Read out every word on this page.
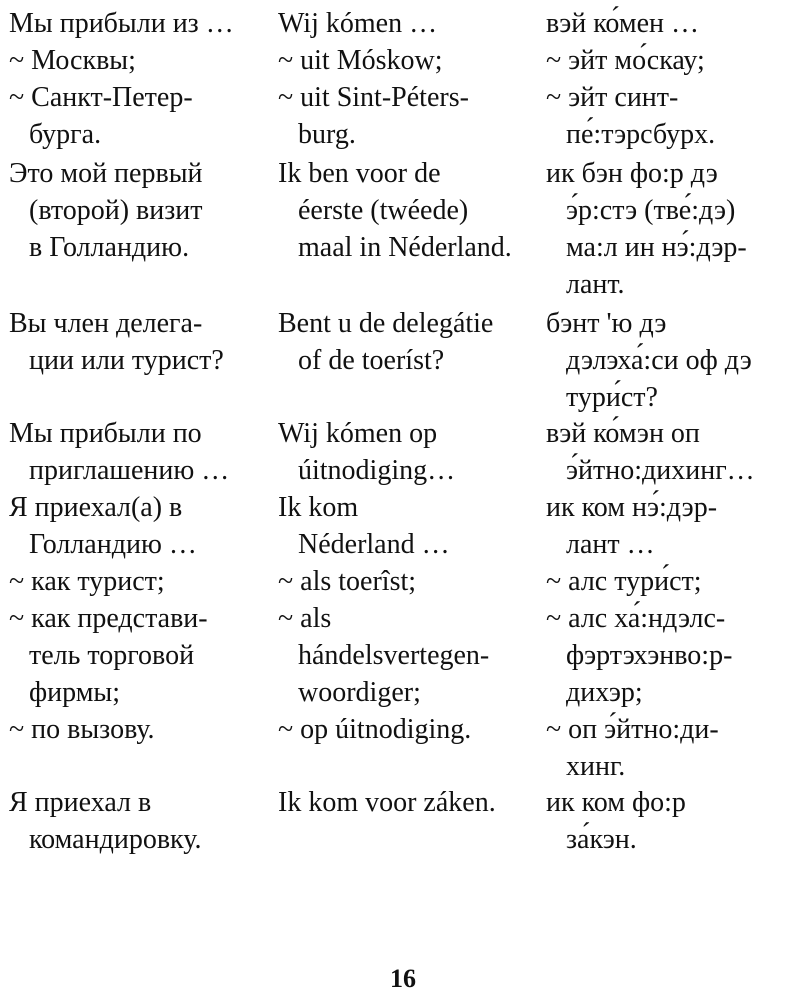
Мы прибыли из …
~ Москвы;
~ Санкт-Петер-
бурга.
Wij kómen …
~ uit Móskow;
~ uit Sint-Péters-
burg.
вэй ко́мен …
~ эйт мо́скау;
~ эйт синт-
пе́:тэрсбурх.
Это мой первый
(второй) визит
в Голландию.
Ik ben voor de
éerste (twéede)
maal in Néderland.
ик бэн фо:р дэ
э́р:стэ (тве́:дэ)
ма:л ин нэ́:дэр-
лант.
Вы член делега-
ции или турист?
Bent u de delegátie
of de toeríst?
бэнт 'ю дэ
дэлэха́:си оф дэ
тури́ст?
Мы прибыли по
приглашению …
Wij kómen op
úitnodiging…
вэй ко́мэн оп
э́йтно:дихинг…
Я приехал(а) в
Голландию …
~ как турист;
~ как представи-
тель торговой
фирмы;
~ по вызову.
Ik kom
Néderland …
~ als toerîst;
~ als
hándelsvertegen-
woordiger;
~ op úitnodiging.
ик ком нэ́:дэр-
лант …
~ алс тури́ст;
~ алс ха́:ндэлс-
фэртэхэнво:р-
дихэр;
~ оп э́йтно:ди-
хинг.
Я приехал в
командировку.
Ik kom voor záken.	ик ком фо:р
за́кэн.
16
